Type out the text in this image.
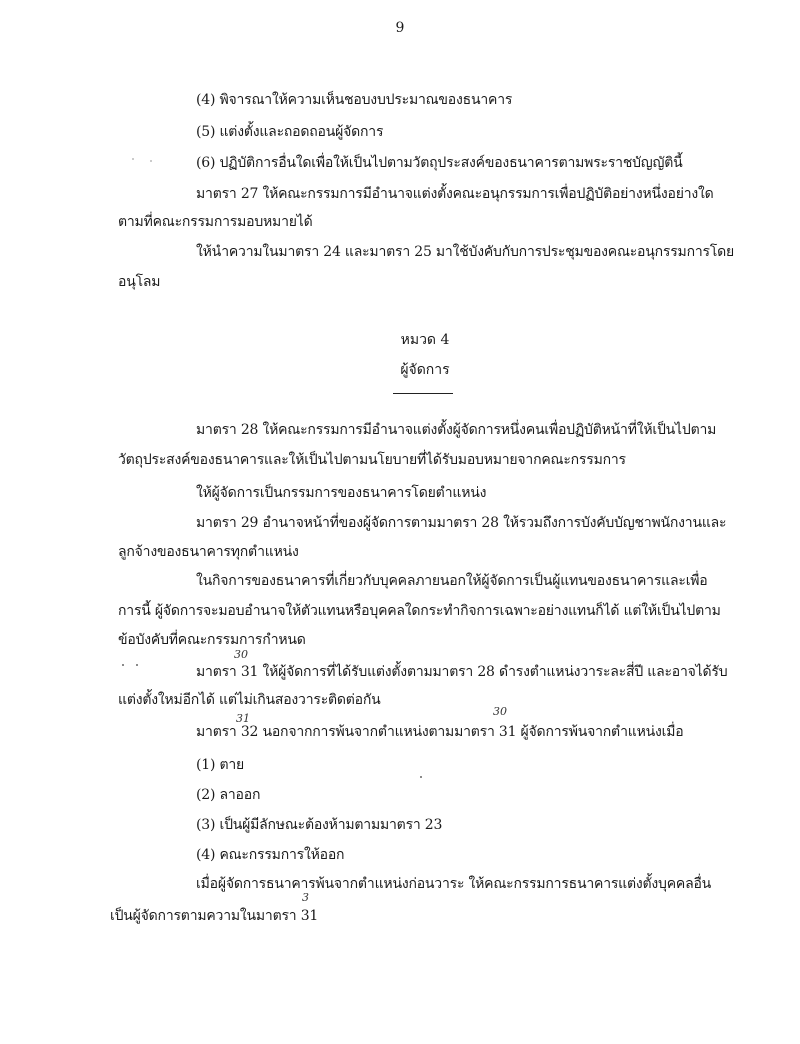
9
(4) พิจารณาให้ความเห็นชอบงบประมาณของธนาคาร
(5) แต่งตั้งและถอดถอนผู้จัดการ
(6) ปฏิบัติการอื่นใดเพื่อให้เป็นไปตามวัตถุประสงค์ของธนาคารตามพระราชบัญญัตินี้
มาตรา 27 ให้คณะกรรมการมีอำนาจแต่งตั้งคณะอนุกรรมการเพื่อปฏิบัติอย่างหนึ่งอย่างใด
ตามที่คณะกรรมการมอบหมายได้
ให้นำความในมาตรา 24 และมาตรา 25 มาใช้บังคับกับการประชุมของคณะอนุกรรมการโดย
อนุโลม
หมวด 4
ผู้จัดการ
มาตรา 28 ให้คณะกรรมการมีอำนาจแต่งตั้งผู้จัดการหนึ่งคนเพื่อปฏิบัติหน้าที่ให้เป็นไปตาม
วัตถุประสงค์ของธนาคารและให้เป็นไปตามนโยบายที่ได้รับมอบหมายจากคณะกรรมการ
ให้ผู้จัดการเป็นกรรมการของธนาคารโดยตำแหน่ง
มาตรา 29 อำนาจหน้าที่ของผู้จัดการตามมาตรา 28 ให้รวมถึงการบังคับบัญชาพนักงานและ
ลูกจ้างของธนาคารทุกตำแหน่ง
ในกิจการของธนาคารที่เกี่ยวกับบุคคลภายนอกให้ผู้จัดการเป็นผู้แทนของธนาคารและเพื่อ
การนี้ ผู้จัดการจะมอบอำนาจให้ตัวแทนหรือบุคคลใดกระทำกิจการเฉพาะอย่างแทนก็ได้ แต่ให้เป็นไปตาม
ข้อบังคับที่คณะกรรมการกำหนด
30
มาตรา 31 ให้ผู้จัดการที่ได้รับแต่งตั้งตามมาตรา 28 ดำรงตำแหน่งวาระละสี่ปี และอาจได้รับ
แต่งตั้งใหม่อีกได้ แต่ไม่เกินสองวาระติดต่อกัน
31
30
มาตรา 32 นอกจากการพ้นจากตำแหน่งตามมาตรา 31 ผู้จัดการพ้นจากตำแหน่งเมื่อ
(1) ตาย
(2) ลาออก
(3) เป็นผู้มีลักษณะต้องห้ามตามมาตรา 23
(4) คณะกรรมการให้ออก
เมื่อผู้จัดการธนาคารพ้นจากตำแหน่งก่อนวาระ ให้คณะกรรมการธนาคารแต่งตั้งบุคคลอื่น
3
เป็นผู้จัดการตามความในมาตรา 31
